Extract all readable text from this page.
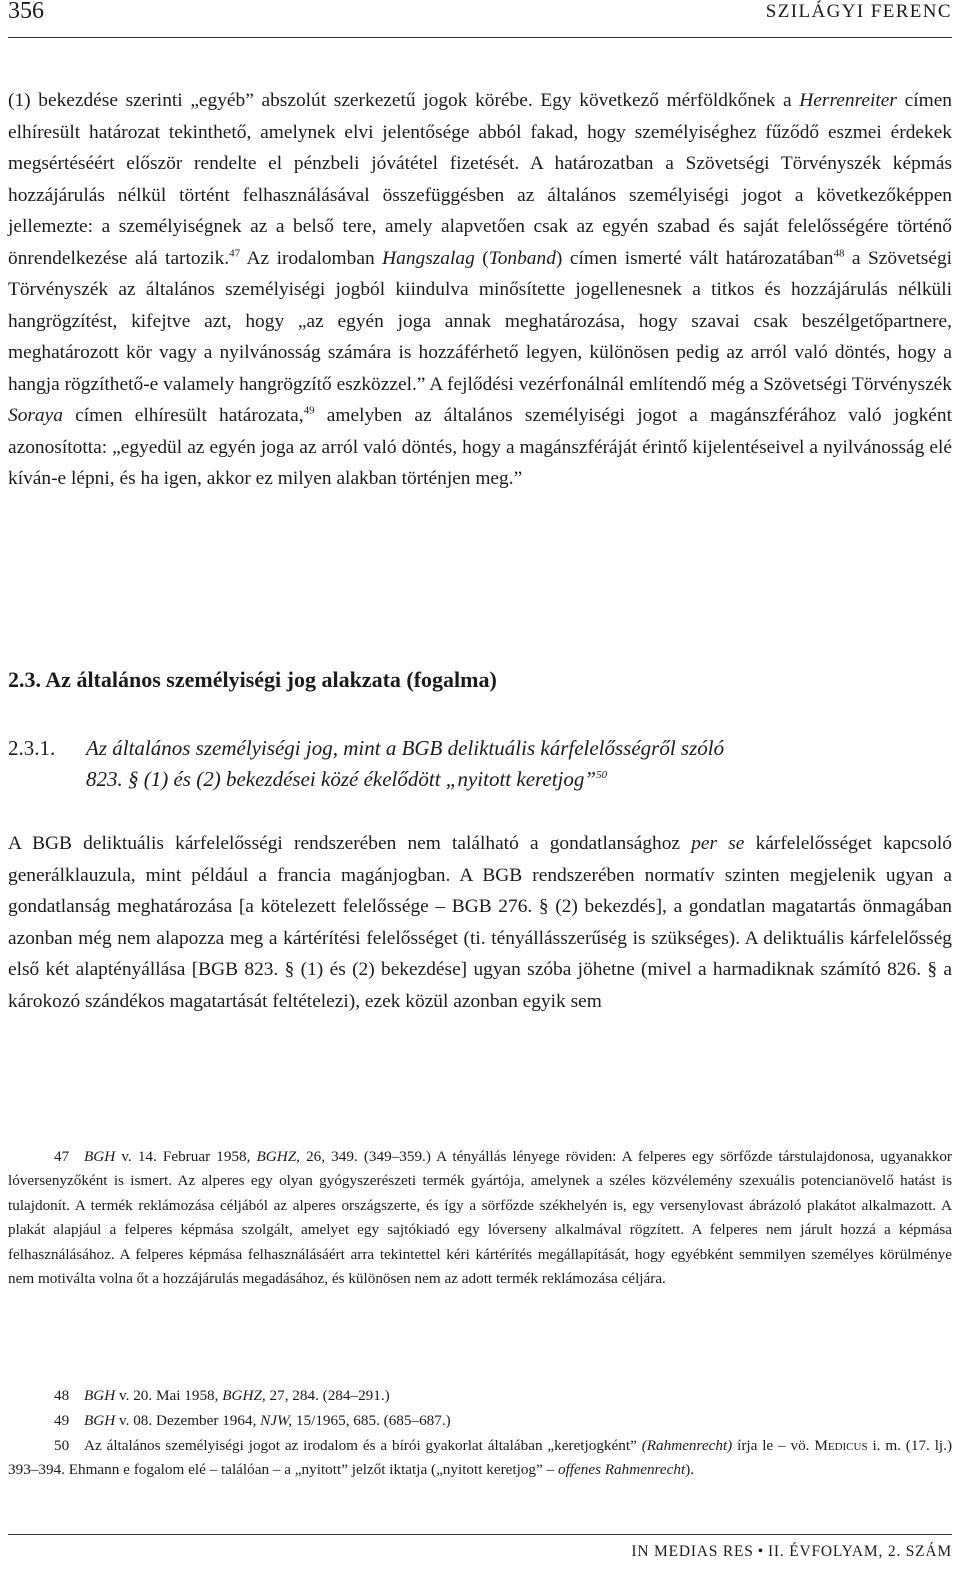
356	SZILÁGYI FERENC

(1) bekezdése szerinti „egyéb” abszolút szerkezetű jogok körébe. Egy következő mérföldkőnek a Herrenreiter címen elhíresült határozat tekinthető, amelynek elvi jelentősége abból fakad, hogy személyiséghez fűződő eszmei érdekek megsértéséért először rendelte el pénzbeli jóvátétel fizetését. A határozatban a Szövetségi Törvényszék képmás hozzájárulás nélkül történt felhasználásával összefüggésben az általános személyiségi jogot a következőképpen jellemezte: a személyiségnek az a belső tere, amely alapvetően csak az egyén szabad és saját felelősségére történő önrendelkezése alá tartozik.$^{47}$ Az irodalomban Hangszalag (Tonband) címen ismerté vált határozatában$^{48}$ a Szövetségi Törvényszék az általános személyiségi jogból kiindulva minősítette jogellenesnek a titkos és hozzájárulás nélküli hangrögzítést, kifejtve azt, hogy „az egyén joga annak meghatározása, hogy szavai csak beszélgetőpartnere, meghatározott kör vagy a nyilvánosság számára is hozzáférhető legyen, különösen pedig az arról való döntés, hogy a hangja rögzíthető-e valamely hangrögzítő eszközzel.” A fejlődési vezérfonálnál említendő még a Szövetségi Törvényszék Soraya címen elhíresült határozata,$^{49}$ amelyben az általános személyiségi jogot a magánszférához való jogként azonosította: „egyedül az egyén joga az arról való döntés, hogy a magánszféráját érintő kijelentéseivel a nyilvánosság elé kíván-e lépni, és ha igen, akkor ez milyen alakban történjen meg.”

2.3. Az általános személyiségi jog alakzata (fogalma)
2.3.1. Az általános személyiségi jog, mint a BGB deliktuális kárfelelősségről szóló
823. § (1) és (2) bekezdései közé ékelődött „nyitott keretjog”$^{50}$

A BGB deliktuális kárfelelősségi rendszerében nem található a gondatlansághoz per se kárfelelősséget kapcsoló generálklauzula, mint például a francia magánjogban. A BGB rendszerében normatív szinten megjelenik ugyan a gondatlanság meghatározása [a kötelezett felelőssége – BGB 276. § (2) bekezdés], a gondatlan magatartás önmagában azonban még nem alapozza meg a kártérítési felelősséget (ti. tényállásszerűség is szükséges). A deliktuális kárfelelősség első két alaptényállása [BGB 823. § (1) és (2) bekezdése] ugyan szóba jöhetne (mivel a harmadiknak számító 826. § a károkozó szándékos magatartását feltételezi), ezek közül azonban egyik sem

47 BGH v. 14. Februar 1958, BGHZ, 26, 349. (349–359.) A tényállás lényege röviden: A felperes egy sörfőzde társtulajdonosa, ugyanakkor lóversenyzőként is ismert. Az alperes egy olyan gyógyszerészeti termék gyártója, amelynek a széles közvélemény szexuális potencianövelő hatást is tulajdonít. A termék reklámozása céljából az alperes országszerte, és így a sörfőzde székhelyén is, egy versenylovast ábrázoló plakátot alkalmazott. A plakát alapjául a felperes képmása szolgált, amelyet egy sajtókiadó egy lóverseny alkalmával rögzített. A felperes nem járult hozzá a képmása felhasználásához. A felperes képmása felhasználásáért arra tekintettel kéri kártérítés megállapítását, hogy egyébként semmilyen személyes körülménye nem motiválta volna őt a hozzájárulás megadásához, és különösen nem az adott termék reklámozása céljára.

48 BGH v. 20. Mai 1958, BGHZ, 27, 284. (284–291.)

49 BGH v. 08. Dezember 1964, NJW, 15/1965, 685. (685–687.)

50 Az általános személyiségi jogot az irodalom és a bírói gyakorlat általában „keretjogként” (Rahmenrecht) írja le – vö. Medicus i. m. (17. lj.) 393–394. Ehmann e fogalom elé – találóan – a „nyitott” jelzőt iktatja („nyitott keretjog” – offenes Rahmenrecht).

IN MEDIAS RES • II. ÉVFOLYAM, 2. SZÁM
